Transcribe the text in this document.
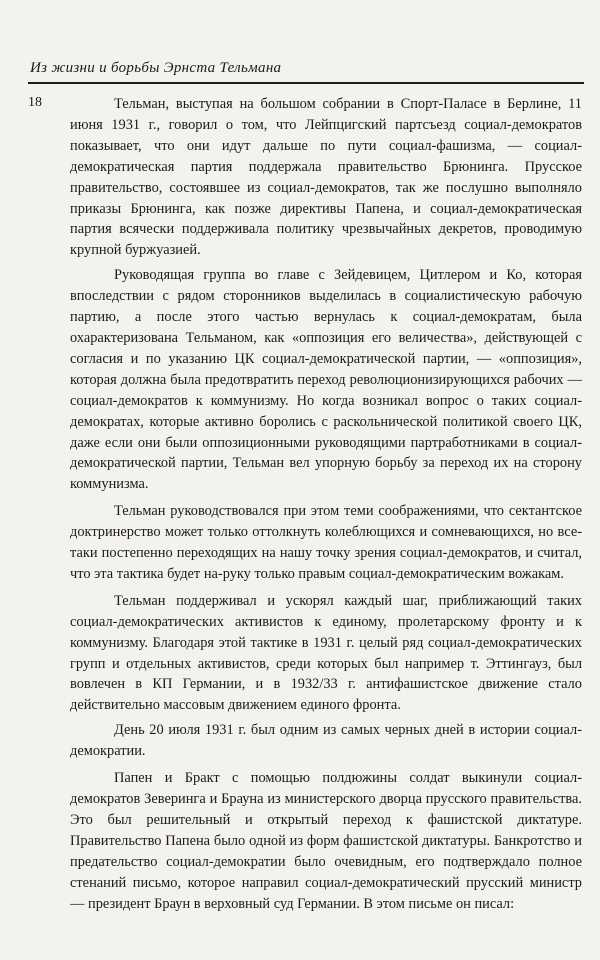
Из жизни и борьбы Эрнста Тельмана
18	Тельман, выступая на большом собрании в Спорт-Паласе в Берлине, 11 июня 1931 г., говорил о том, что Лейпцигский партсъезд социал-демократов показывает, что они идут дальше по пути социал-фашизма, — социал-демократическая партия поддержала правительство Брюнинга. Прусское правительство, состоявшее из социал-демократов, так же послушно выполняло приказы Брюнинга, как позже директивы Папена, и социал-демократическая партия всячески поддерживала политику чрезвычайных декретов, проводимую крупной буржуазией.

Руководящая группа во главе с Зейдевицем, Цитлером и Ко, которая впоследствии с рядом сторонников выделилась в социалистическую рабочую партию, а после этого частью вернулась к социал-демократам, была охарактеризована Тельманом, как «оппозиция его величества», действующей с согласия и по указанию ЦК социал-демократической партии, — «оппозиция», которая должна была предотвратить переход революционизирующихся рабочих — социал-демократов к коммунизму. Но когда возникал вопрос о таких социал-демократах, которые активно боролись с раскольнической политикой своего ЦК, даже если они были оппозиционными руководящими партработниками в социал-демократической партии, Тельман вел упорную борьбу за переход их на сторону коммунизма.

Тельман руководствовался при этом теми соображениями, что сектантское доктринерство может только оттолкнуть колеблющихся и сомневающихся, но все-таки постепенно переходящих на нашу точку зрения социал-демократов, и считал, что эта тактика будет на-руку только правым социал-демократическим вожакам.

Тельман поддерживал и ускорял каждый шаг, приближающий таких социал-демократических активистов к единому, пролетарскому фронту и к коммунизму. Благодаря этой тактике в 1931 г. целый ряд социал-демократических групп и отдельных активистов, среди которых был например т. Эттингауз, был вовлечен в КП Германии, и в 1932/33 г. антифашистское движение стало действительно массовым движением единого фронта.

День 20 июля 1931 г. был одним из самых черных дней в истории социал-демократии.

Папен и Бракт с помощью полдюжины солдат выкинули социал-демократов Зеверинга и Брауна из министерского дворца прусского правительства. Это был решительный и открытый переход к фашистской диктатуре. Правительство Папена было одной из форм фашистской диктатуры. Банкротство и предательство социал-демократии было очевидным, его подтверждало полное стенаний письмо, которое направил социал-демократический прусский министр — президент Браун в верховный суд Германии. В этом письме он писал:
